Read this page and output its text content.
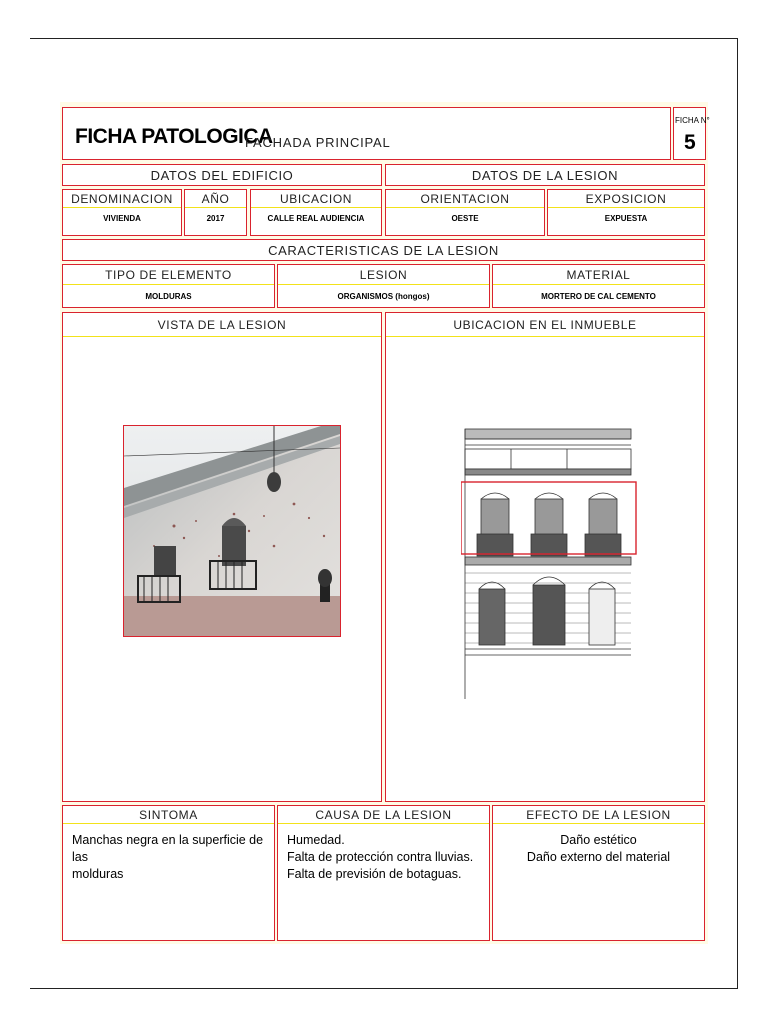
FICHA PATOLOGICA
FACHADA PRINCIPAL
FICHA N°
5
DATOS DEL EDIFICIO	DATOS DE LA LESION
DENOMINACION
VIVIENDA
AÑO
2017
UBICACION
CALLE REAL AUDIENCIA
ORIENTACION
OESTE
EXPOSICION
EXPUESTA
CARACTERISTICAS DE LA LESION
TIPO DE ELEMENTO
MOLDURAS
LESION
ORGANISMOS (hongos)
MATERIAL
MORTERO DE CAL CEMENTO
VISTA DE LA LESION	UBICACION EN EL INMUEBLE
SINTOMA
Manchas negra en la superficie de las
molduras
CAUSA DE LA LESION
Humedad.
Falta de protección contra lluvias.
Falta de previsión de botaguas.
EFECTO DE LA LESION
Daño estético
Daño externo del material
